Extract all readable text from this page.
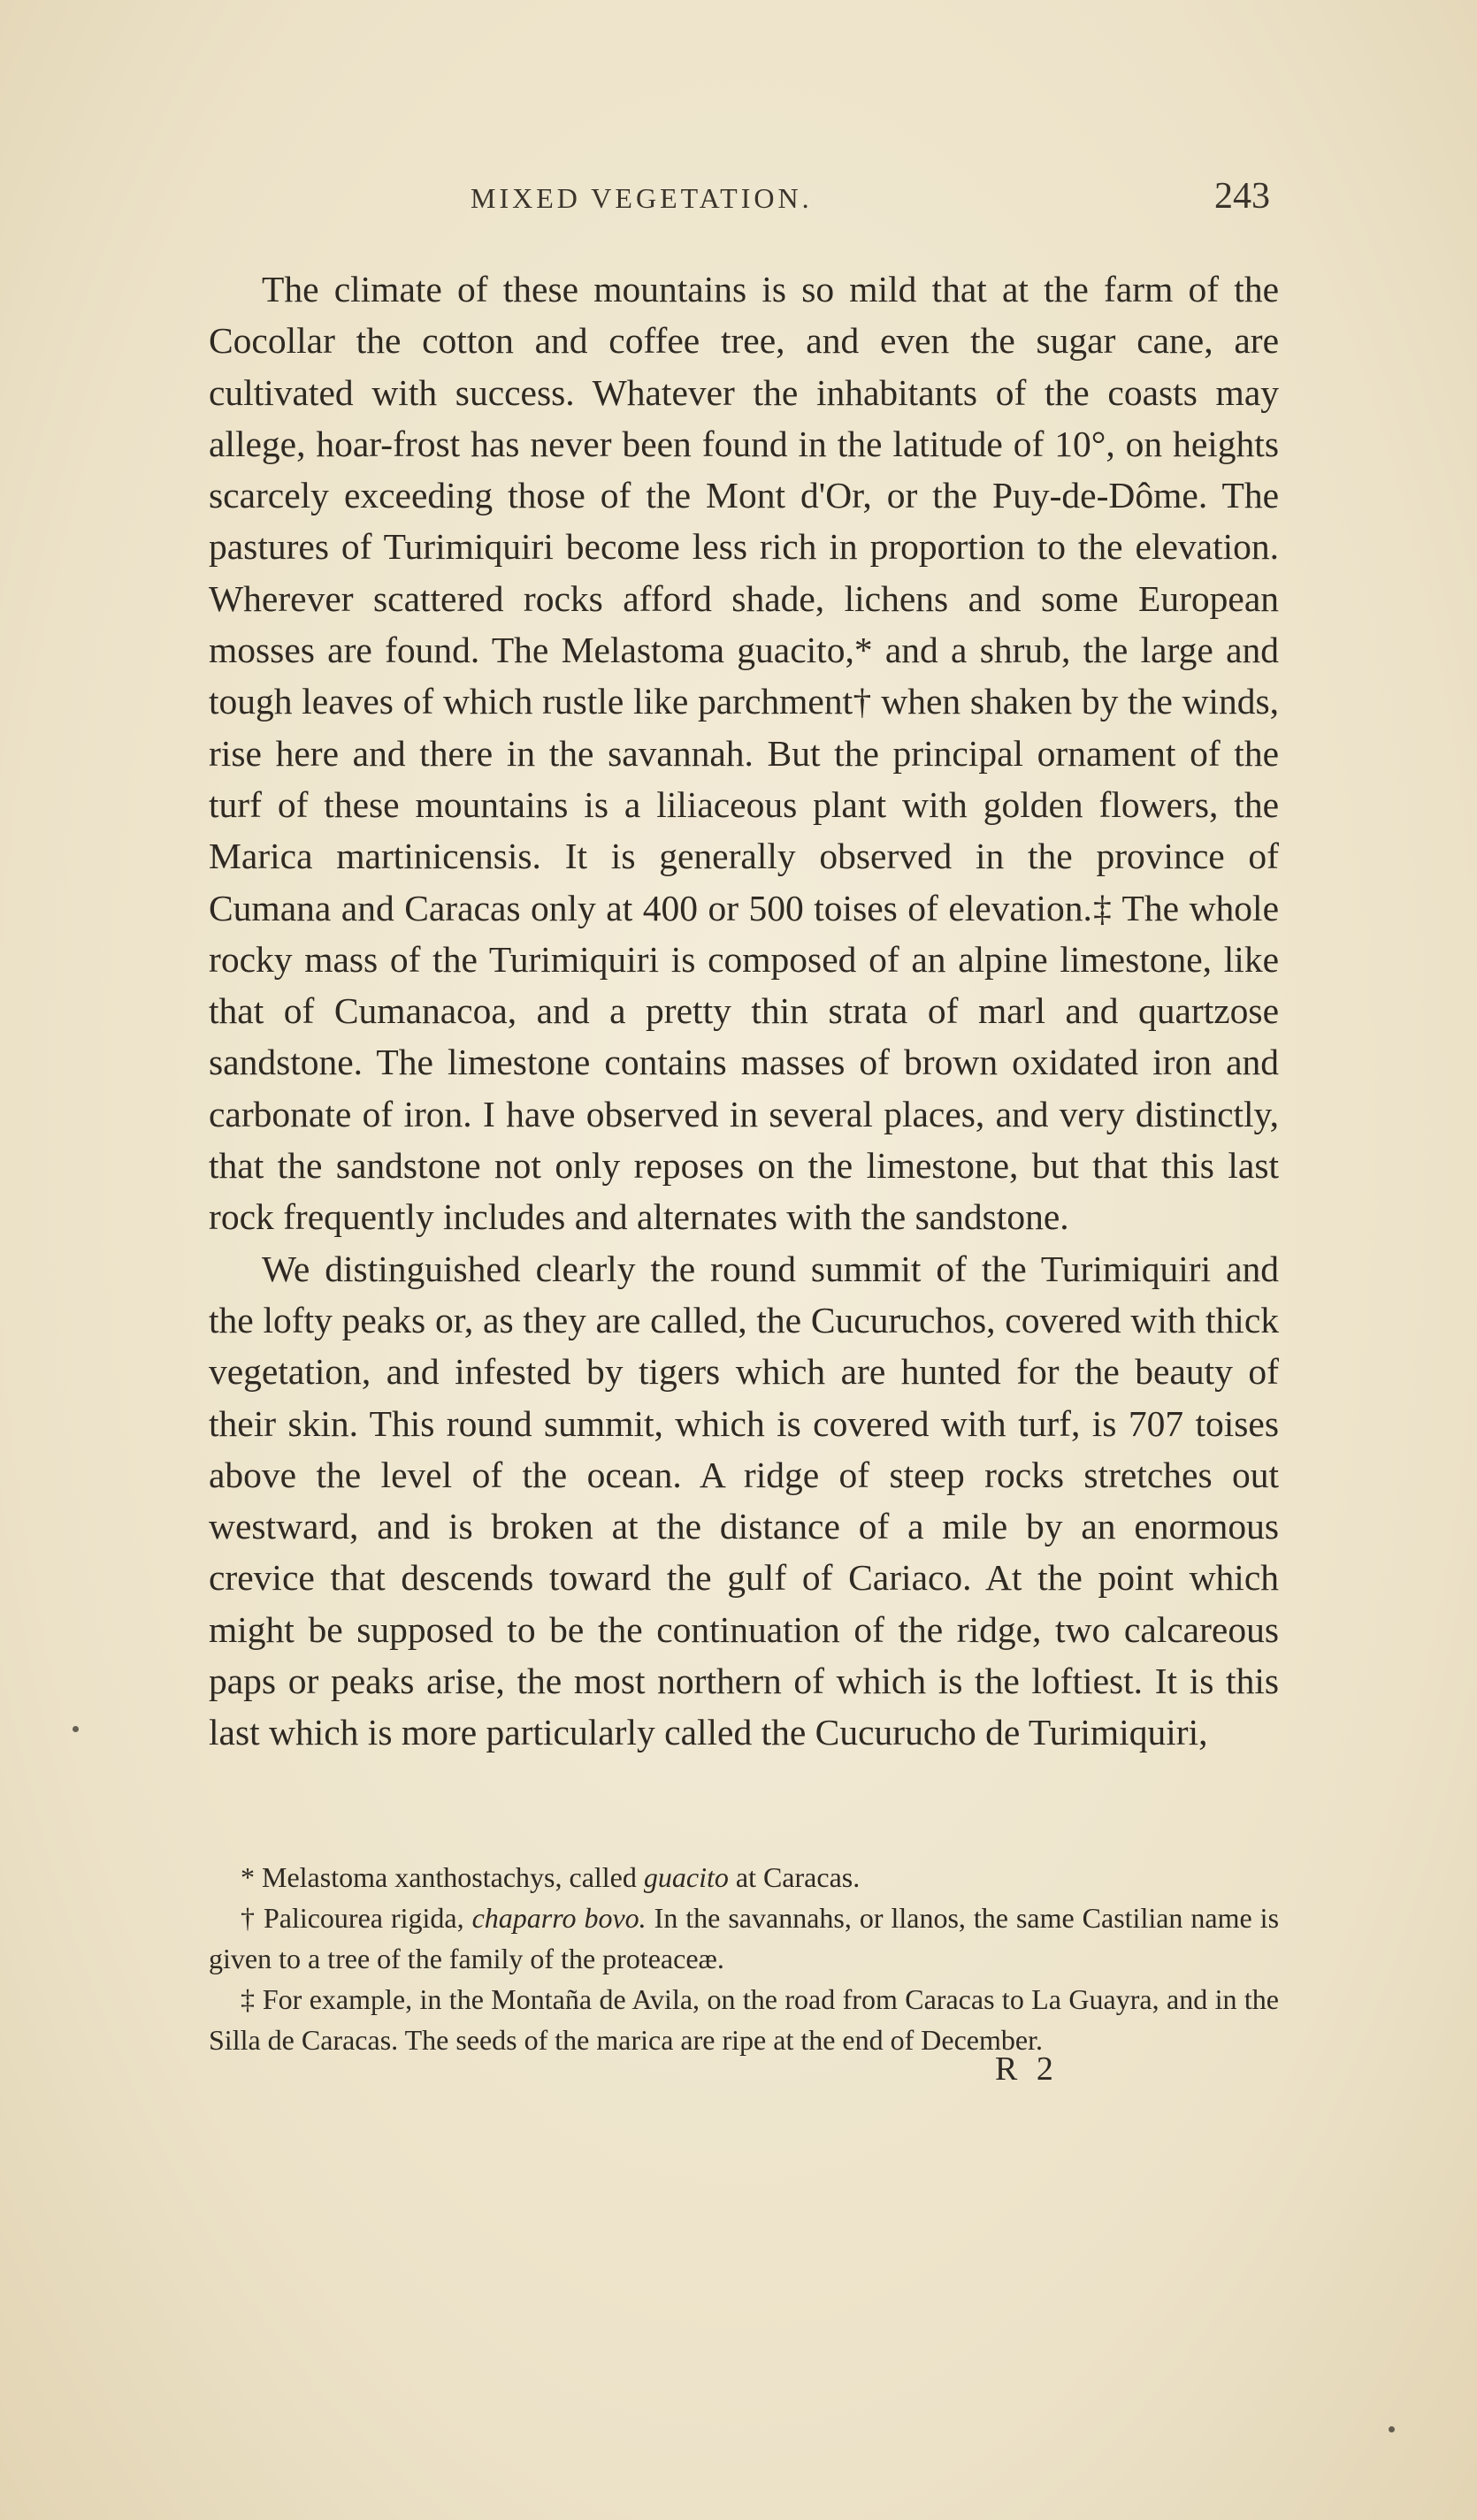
MIXED VEGETATION.	243

The climate of these mountains is so mild that at the farm of the Cocollar the cotton and coffee tree, and even the sugar cane, are cultivated with success. Whatever the inhabitants of the coasts may allege, hoar-frost has never been found in the latitude of 10°, on heights scarcely exceeding those of the Mont d'Or, or the Puy-de-Dôme. The pastures of Turimiquiri become less rich in proportion to the elevation. Wherever scattered rocks afford shade, lichens and some European mosses are found. The Melastoma guacito,* and a shrub, the large and tough leaves of which rustle like parchment† when shaken by the winds, rise here and there in the savannah. But the principal ornament of the turf of these mountains is a liliaceous plant with golden flowers, the Marica martinicensis. It is generally observed in the province of Cumana and Caracas only at 400 or 500 toises of elevation.‡ The whole rocky mass of the Turimiquiri is composed of an alpine limestone, like that of Cumanacoa, and a pretty thin strata of marl and quartzose sandstone. The limestone contains masses of brown oxidated iron and carbonate of iron. I have observed in several places, and very distinctly, that the sandstone not only reposes on the limestone, but that this last rock frequently includes and alternates with the sandstone.

We distinguished clearly the round summit of the Turimiquiri and the lofty peaks or, as they are called, the Cucuruchos, covered with thick vegetation, and infested by tigers which are hunted for the beauty of their skin. This round summit, which is covered with turf, is 707 toises above the level of the ocean. A ridge of steep rocks stretches out westward, and is broken at the distance of a mile by an enormous crevice that descends toward the gulf of Cariaco. At the point which might be supposed to be the continuation of the ridge, two calcareous paps or peaks arise, the most northern of which is the loftiest. It is this last which is more particularly called the Cucurucho de Turimiquiri,

* Melastoma xanthostachys, called guacito at Caracas.

† Palicourea rigida, chaparro bovo. In the savannahs, or llanos, the same Castilian name is given to a tree of the family of the proteaceæ.

‡ For example, in the Montaña de Avila, on the road from Caracas to La Guayra, and in the Silla de Caracas. The seeds of the marica are ripe at the end of December.

R 2
